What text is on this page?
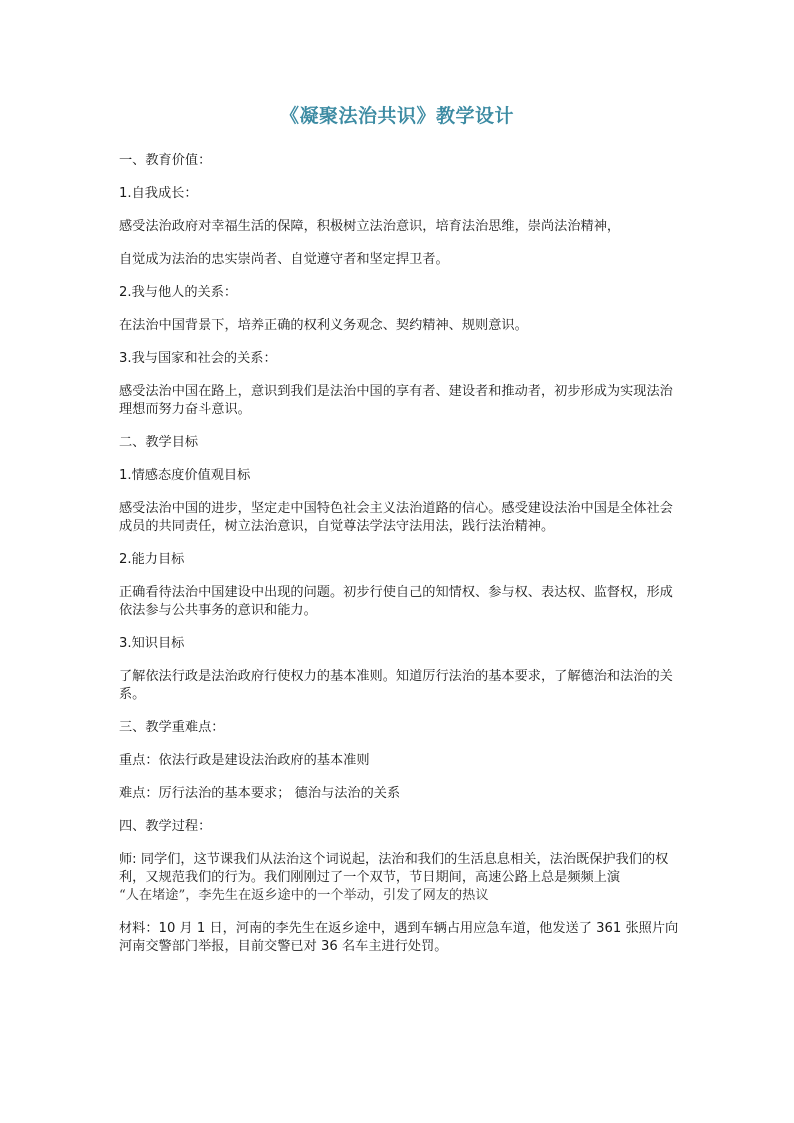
《凝聚法治共识》教学设计

一、教育价值：

1.自我成长：

感受法治政府对幸福生活的保障，积极树立法治意识，培育法治思维，崇尚法治精神，

自觉成为法治的忠实崇尚者、自觉遵守者和坚定捍卫者。

2.我与他人的关系：

在法治中国背景下，培养正确的权利义务观念、契约精神、规则意识。

3.我与国家和社会的关系：

感受法治中国在路上，意识到我们是法治中国的享有者、建设者和推动者，初步形成为实现法治理想而努力奋斗意识。

二、教学目标

1.情感态度价值观目标

感受法治中国的进步，坚定走中国特色社会主义法治道路的信心。感受建设法治中国是全体社会成员的共同责任，树立法治意识，自觉尊法学法守法用法，践行法治精神。

2.能力目标

正确看待法治中国建设中出现的问题。初步行使自己的知情权、参与权、表达权、监督权，形成依法参与公共事务的意识和能力。

3.知识目标

了解依法行政是法治政府行使权力的基本准则。知道厉行法治的基本要求，了解德治和法治的关系。

三、教学重难点：

重点：依法行政是建设法治政府的基本准则

难点：厉行法治的基本要求； 德治与法治的关系

四、教学过程：

师: 同学们，这节课我们从法治这个词说起，法治和我们的生活息息相关，法治既保护我们的权利，又规范我们的行为。我们刚刚过了一个双节，节日期间，高速公路上总是频频上演

“人在堵途”，李先生在返乡途中的一个举动，引发了网友的热议

材料：10 月 1 日，河南的李先生在返乡途中，遇到车辆占用应急车道，他发送了 361 张照片向河南交警部门举报，目前交警已对 36 名车主进行处罚。
